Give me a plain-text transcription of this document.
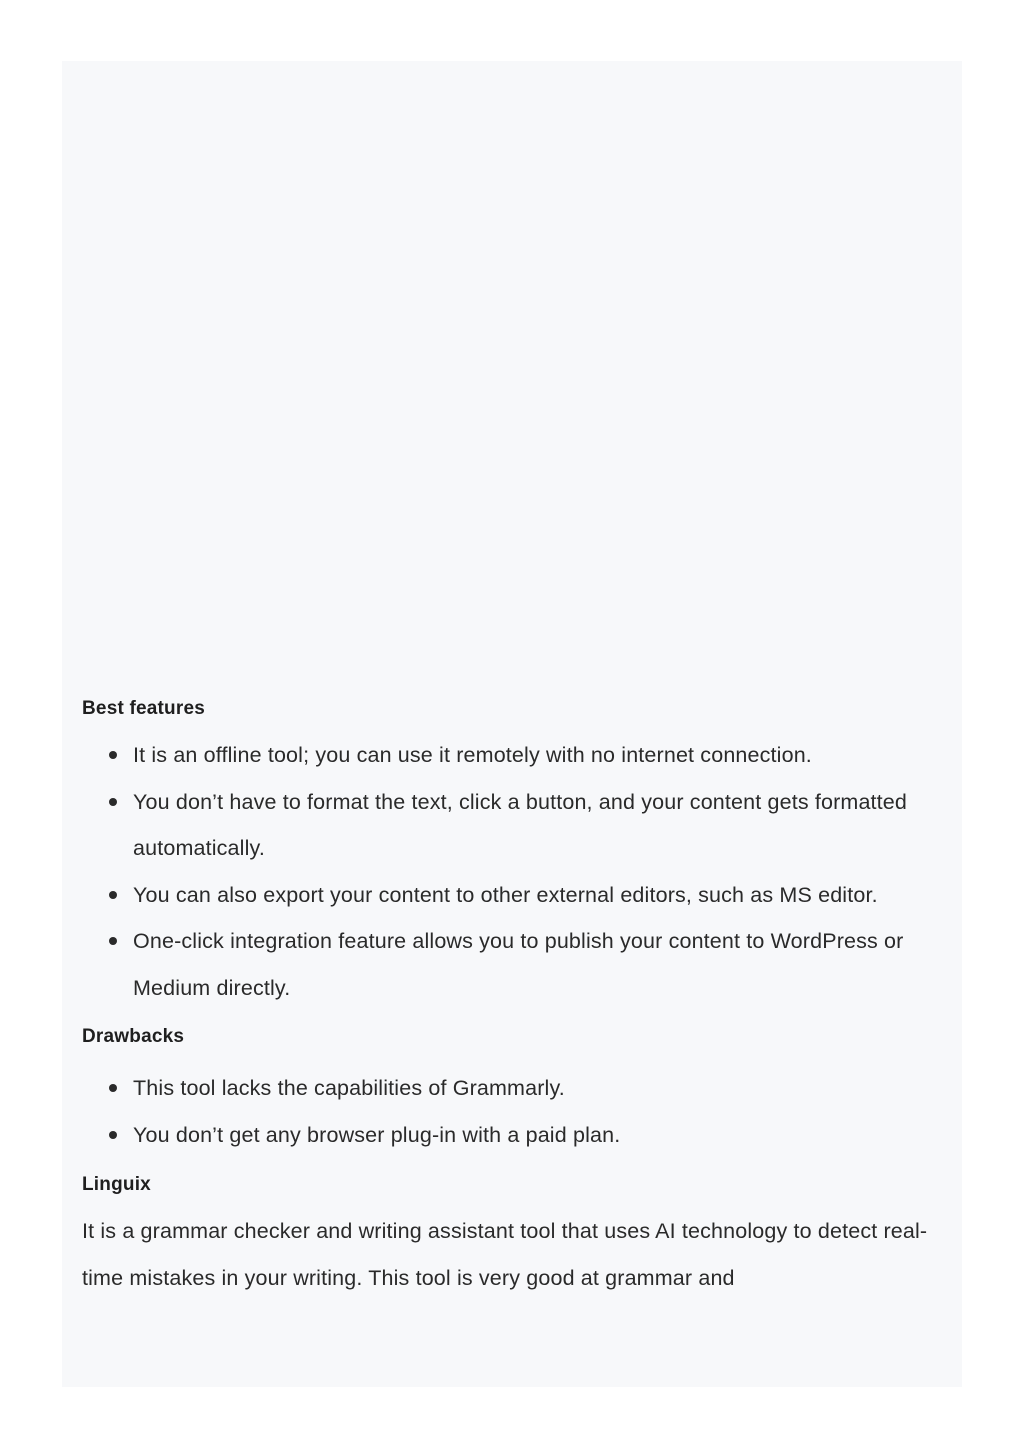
Best features
It is an offline tool; you can use it remotely with no internet connection.
You don’t have to format the text, click a button, and your content gets formatted automatically.
You can also export your content to other external editors, such as MS editor.
One-click integration feature allows you to publish your content to WordPress or Medium directly.
Drawbacks
This tool lacks the capabilities of Grammarly.
You don’t get any browser plug-in with a paid plan.
Linguix

It is a grammar checker and writing assistant tool that uses AI technology to detect real-time mistakes in your writing. This tool is very good at grammar and
